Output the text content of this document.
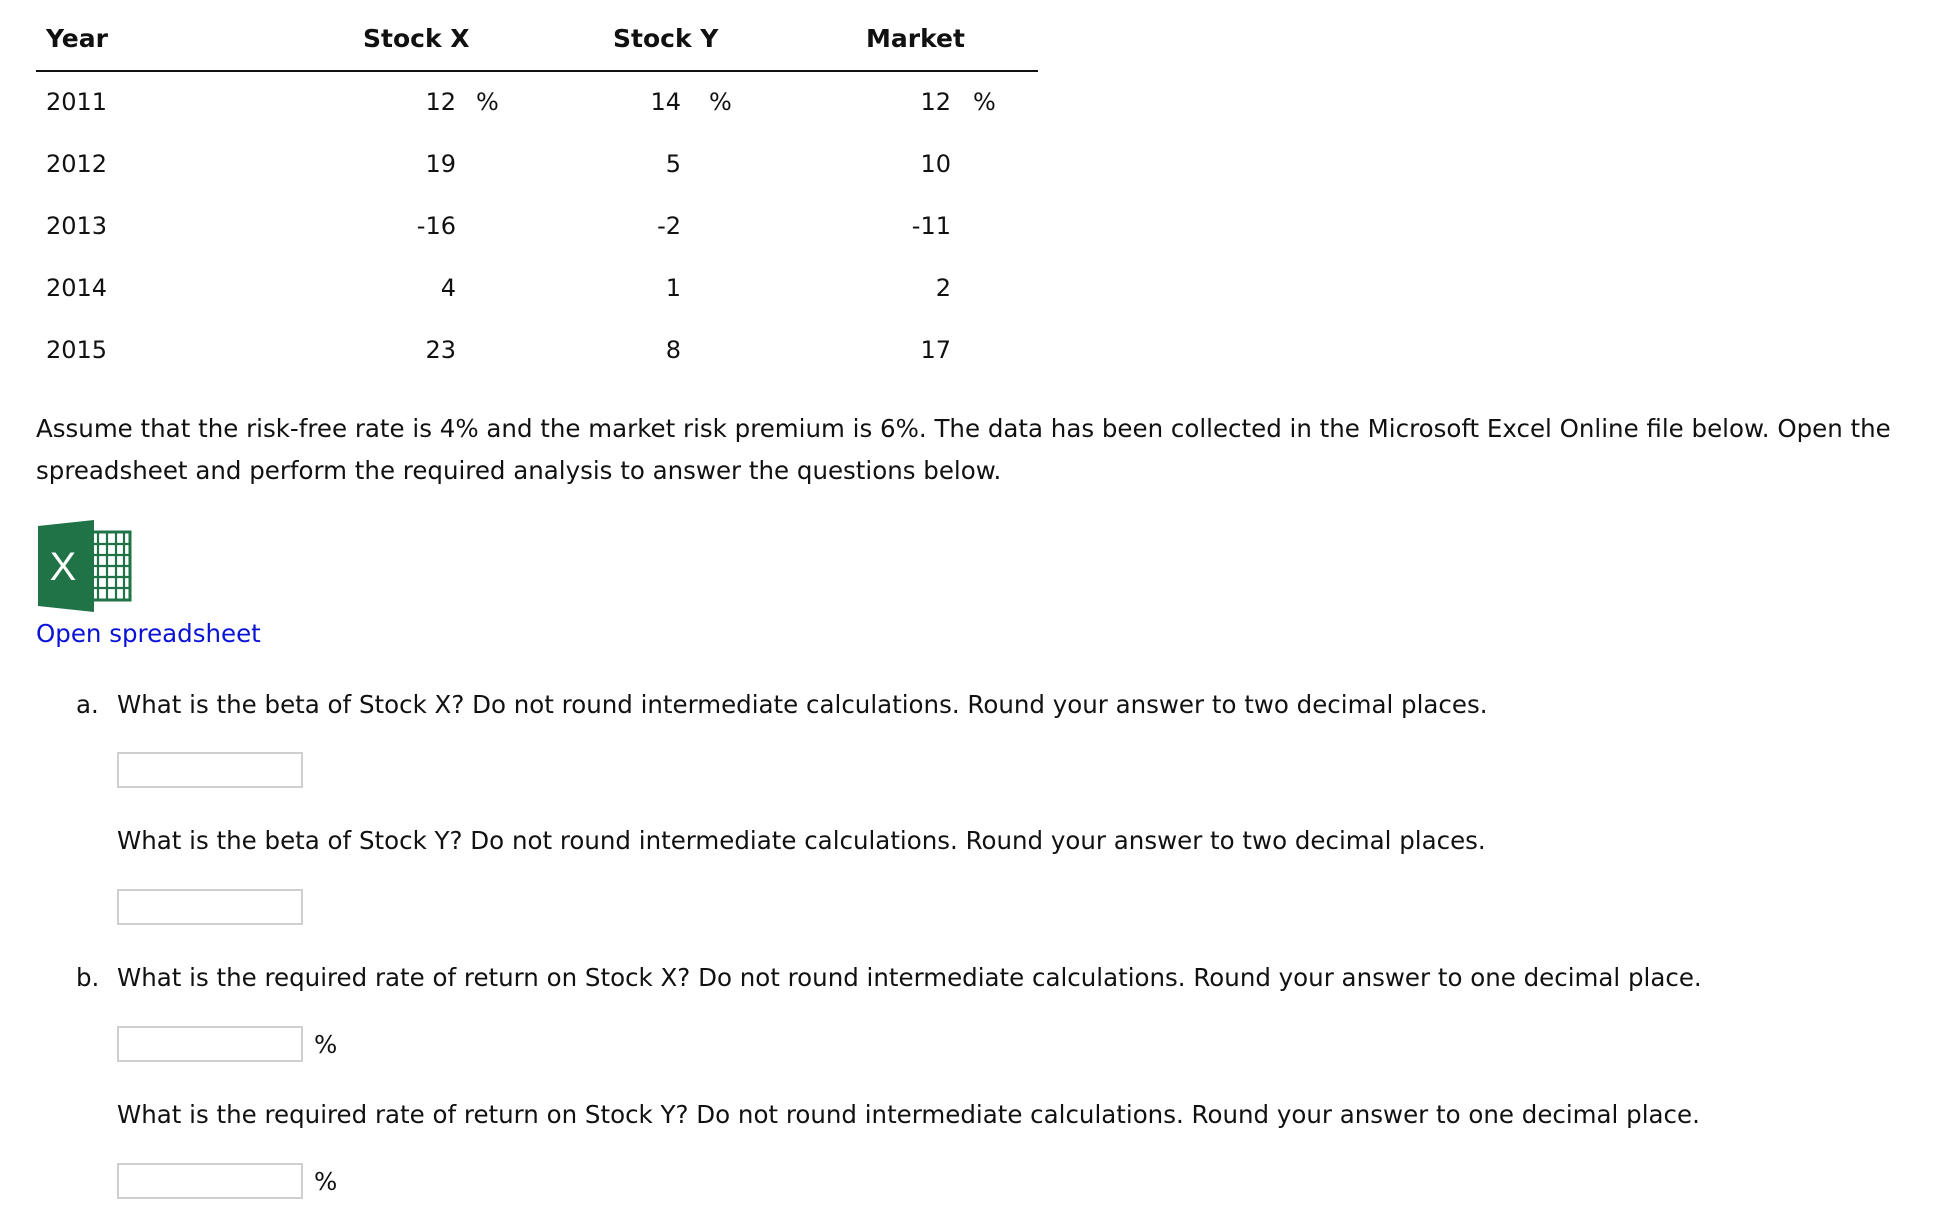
Year	Stock X	Stock Y	Market
2011	12 %	14 %	12 %
2012	19	5	10
2013	-16	-2	-11
2014	4	1	2
2015	23	8	17
Assume that the risk-free rate is 4% and the market risk premium is 6%. The data has been collected in the Microsoft Excel Online file below. Open the spreadsheet and perform the required analysis to answer the questions below.
X
Open spreadsheet
a. What is the beta of Stock X? Do not round intermediate calculations. Round your answer to two decimal places.
What is the beta of Stock Y? Do not round intermediate calculations. Round your answer to two decimal places.
b. What is the required rate of return on Stock X? Do not round intermediate calculations. Round your answer to one decimal place.
%
What is the required rate of return on Stock Y? Do not round intermediate calculations. Round your answer to one decimal place.
%
